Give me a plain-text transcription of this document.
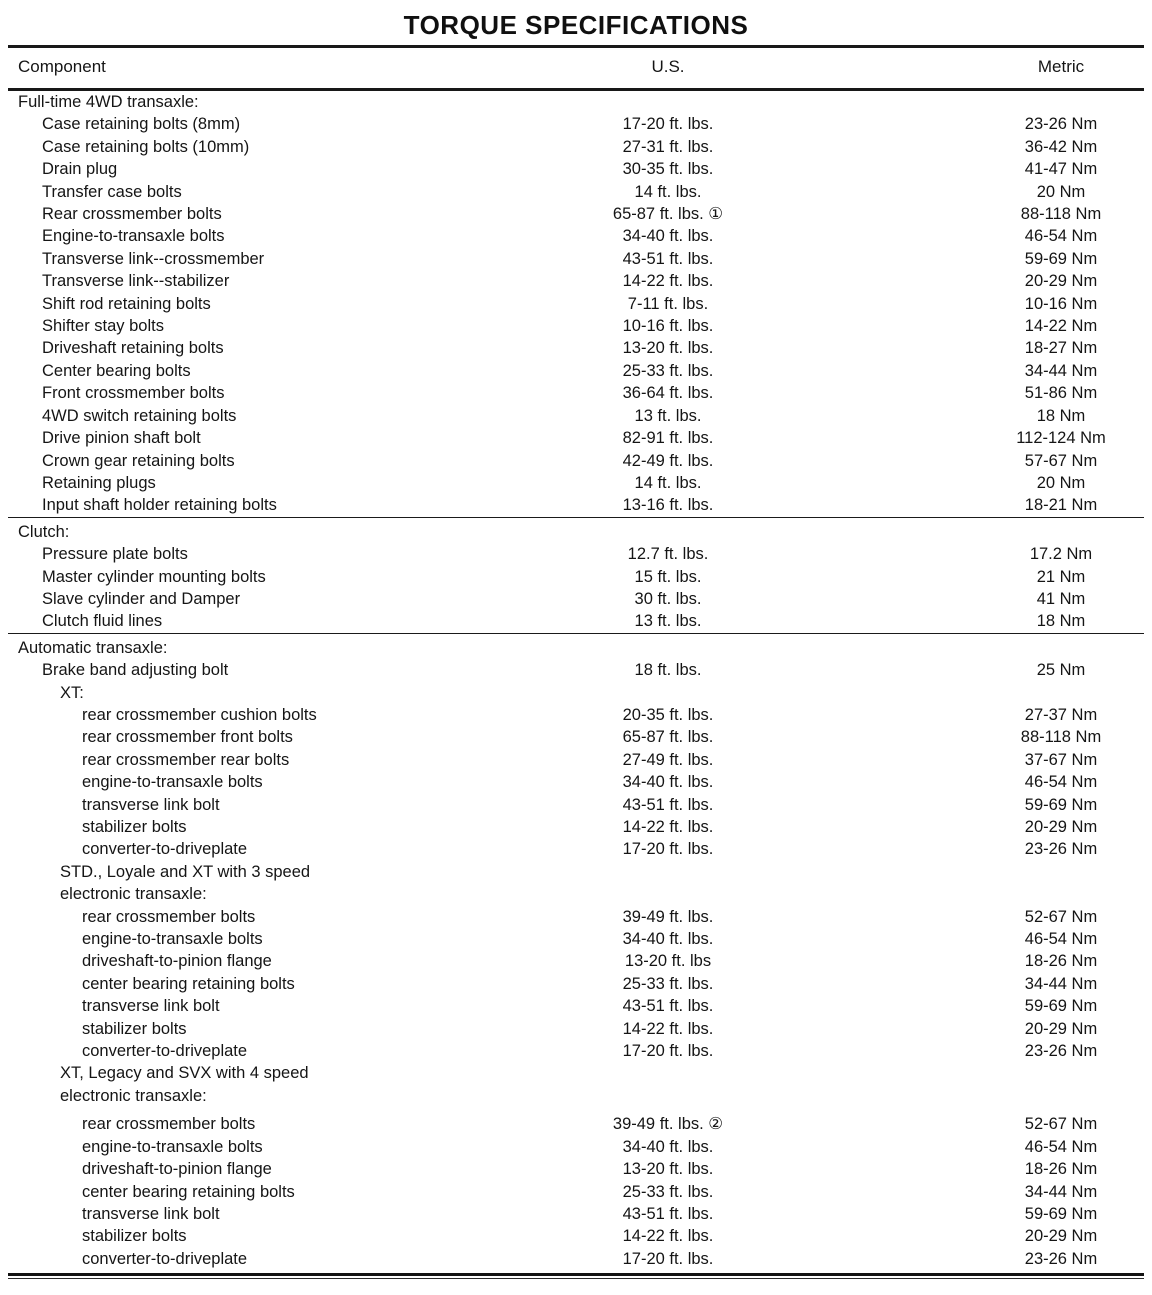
TORQUE SPECIFICATIONS
Component	U.S.	Metric
Full-time 4WD transaxle:		
Case retaining bolts (8mm)	17-20 ft. lbs.	23-26 Nm
Case retaining bolts (10mm)	27-31 ft. lbs.	36-42 Nm
Drain plug	30-35 ft. lbs.	41-47 Nm
Transfer case bolts	14 ft. lbs.	20 Nm
Rear crossmember bolts	65-87 ft. lbs. ①	88-118 Nm
Engine-to-transaxle bolts	34-40 ft. lbs.	46-54 Nm
Transverse link--crossmember	43-51 ft. lbs.	59-69 Nm
Transverse link--stabilizer	14-22 ft. lbs.	20-29 Nm
Shift rod retaining bolts	7-11 ft. lbs.	10-16 Nm
Shifter stay bolts	10-16 ft. lbs.	14-22 Nm
Driveshaft retaining bolts	13-20 ft. lbs.	18-27 Nm
Center bearing bolts	25-33 ft. lbs.	34-44 Nm
Front crossmember bolts	36-64 ft. lbs.	51-86 Nm
4WD switch retaining bolts	13 ft. lbs.	18 Nm
Drive pinion shaft bolt	82-91 ft. lbs.	112-124 Nm
Crown gear retaining bolts	42-49 ft. lbs.	57-67 Nm
Retaining plugs	14 ft. lbs.	20 Nm
Input shaft holder retaining bolts	13-16 ft. lbs.	18-21 Nm
Clutch:		
Pressure plate bolts	12.7 ft. lbs.	17.2 Nm
Master cylinder mounting bolts	15 ft. lbs.	21 Nm
Slave cylinder and Damper	30 ft. lbs.	41 Nm
Clutch fluid lines	13 ft. lbs.	18 Nm
Automatic transaxle:		
Brake band adjusting bolt	18 ft. lbs.	25 Nm
XT:		
rear crossmember cushion bolts	20-35 ft. lbs.	27-37 Nm
rear crossmember front bolts	65-87 ft. lbs.	88-118 Nm
rear crossmember rear bolts	27-49 ft. lbs.	37-67 Nm
engine-to-transaxle bolts	34-40 ft. lbs.	46-54 Nm
transverse link bolt	43-51 ft. lbs.	59-69 Nm
stabilizer bolts	14-22 ft. lbs.	20-29 Nm
converter-to-driveplate	17-20 ft. lbs.	23-26 Nm
STD., Loyale and XT with 3 speed		
electronic transaxle:		
rear crossmember bolts	39-49 ft. lbs.	52-67 Nm
engine-to-transaxle bolts	34-40 ft. lbs.	46-54 Nm
driveshaft-to-pinion flange	13-20 ft. lbs	18-26 Nm
center bearing retaining bolts	25-33 ft. lbs.	34-44 Nm
transverse link bolt	43-51 ft. lbs.	59-69 Nm
stabilizer bolts	14-22 ft. lbs.	20-29 Nm
converter-to-driveplate	17-20 ft. lbs.	23-26 Nm
XT, Legacy and SVX with 4 speed		
electronic transaxle:		
rear crossmember bolts	39-49 ft. lbs. ②	52-67 Nm
engine-to-transaxle bolts	34-40 ft. lbs.	46-54 Nm
driveshaft-to-pinion flange	13-20 ft. lbs.	18-26 Nm
center bearing retaining bolts	25-33 ft. lbs.	34-44 Nm
transverse link bolt	43-51 ft. lbs.	59-69 Nm
stabilizer bolts	14-22 ft. lbs.	20-29 Nm
converter-to-driveplate	17-20 ft. lbs.	23-26 Nm
